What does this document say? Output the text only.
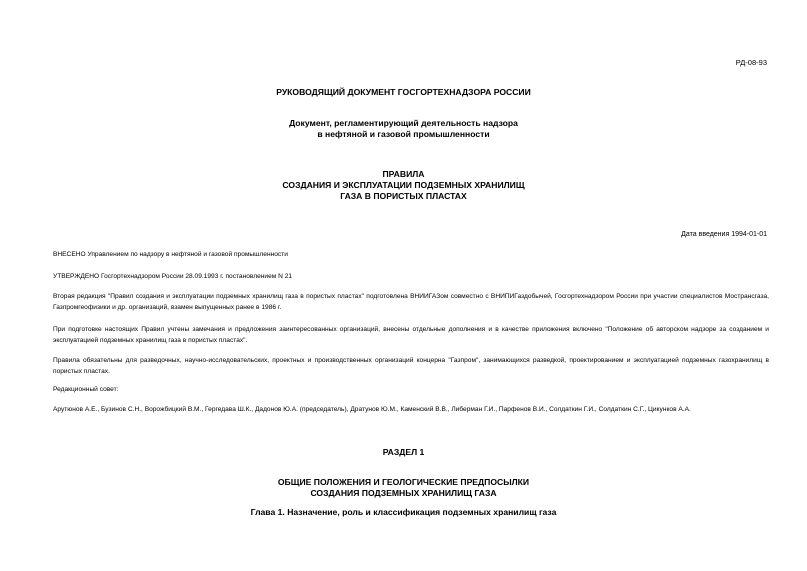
РД-08-93
РУКОВОДЯЩИЙ ДОКУМЕНТ ГОСГОРТЕХНАДЗОРА РОССИИ
Документ, регламентирующий деятельность надзора
в нефтяной и газовой промышленности
ПРАВИЛА
СОЗДАНИЯ И ЭКСПЛУАТАЦИИ ПОДЗЕМНЫХ ХРАНИЛИЩ
ГАЗА В ПОРИСТЫХ ПЛАСТАХ
Дата введения 1994-01-01
ВНЕСЕНО Управлением по надзору в нефтяной и газовой промышленности
УТВЕРЖДЕНО Госгортехнадзором России 28.09.1993 г. постановлением N 21
Вторая редакция "Правил создания и эксплуатации подземных хранилищ газа в пористых пластах" подготовлена ВНИИГАЗом совместно с ВНИПИГаздобычей, Госгортехнадзором России при участии специалистов Мострансгаза, Газпромгеофизики и др. организаций, взамен выпущенных ранее в 1986 г.
При подготовке настоящих Правил учтены замечания и предложения заинтересованных организаций, внесены отдельные дополнения и в качестве приложения включено "Положение об авторском надзоре за созданием и эксплуатацией подземных хранилищ газа в пористых пластах".
Правила обязательны для разведочных, научно-исследовательских, проектных и производственных организаций концерна "Газпром", занимающихся разведкой, проектированием и эксплуатацией подземных газохранилищ в пористых пластах.
Редакционный совет:
Арутюнов А.Е., Бузинов С.Н., Ворожбицкий В.М., Гергедава Ш.К., Дадонов Ю.А. (председатель), Дратунов Ю.М., Каменский В.В., Либерман Г.И., Парфенов В.И., Солдаткин Г.И., Солдаткин С.Г., Цикунков А.А.
РАЗДЕЛ 1
ОБЩИЕ ПОЛОЖЕНИЯ И ГЕОЛОГИЧЕСКИЕ ПРЕДПОСЫЛКИ
СОЗДАНИЯ ПОДЗЕМНЫХ ХРАНИЛИЩ ГАЗА
Глава 1. Назначение, роль и классификация подземных хранилищ газа
